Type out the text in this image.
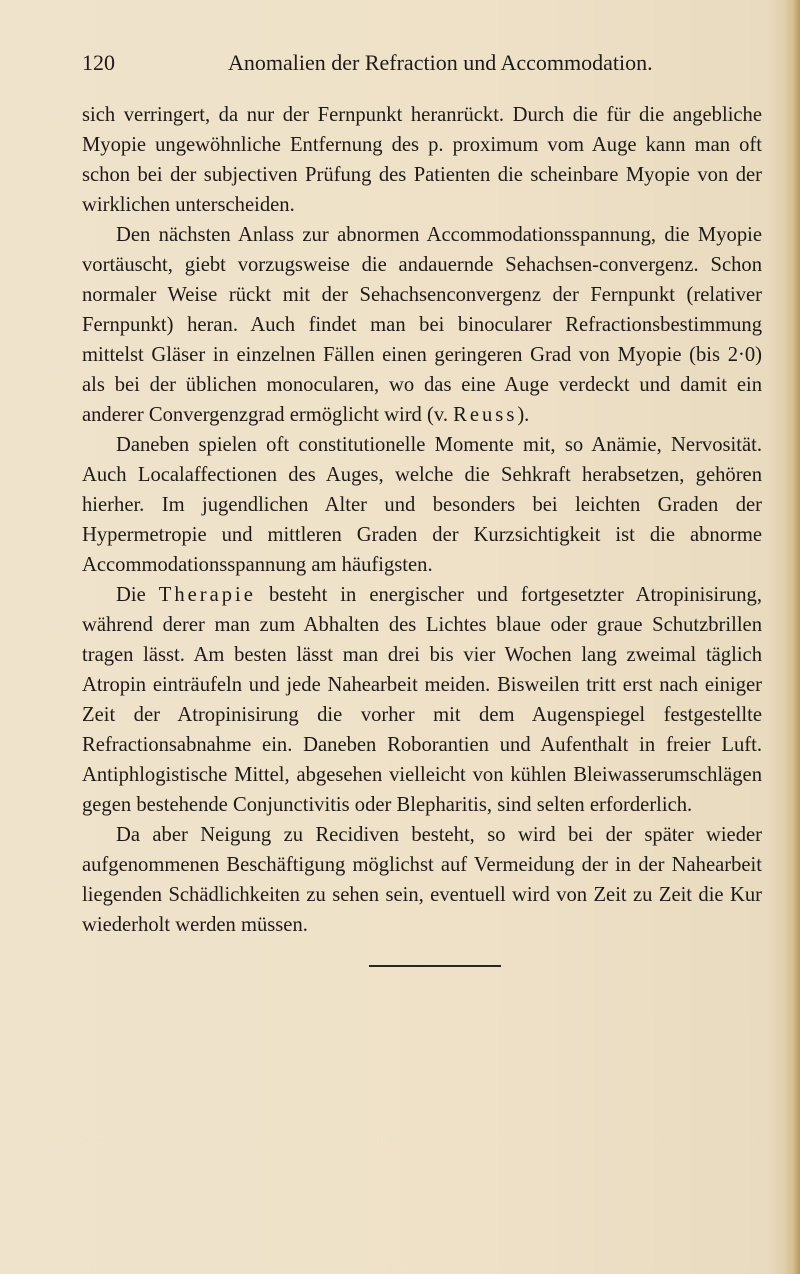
120	Anomalien der Refraction und Accommodation.

sich verringert, da nur der Fernpunkt heranrückt. Durch die für die angebliche Myopie ungewöhnliche Entfernung des p. proximum vom Auge kann man oft schon bei der subjectiven Prüfung des Patienten die scheinbare Myopie von der wirklichen unterscheiden.

Den nächsten Anlass zur abnormen Accommodationsspannung, die Myopie vortäuscht, giebt vorzugsweise die andauernde Sehachsen-convergenz. Schon normaler Weise rückt mit der Sehachsenconvergenz der Fernpunkt (relativer Fernpunkt) heran. Auch findet man bei binocularer Refractionsbestimmung mittelst Gläser in einzelnen Fällen einen geringeren Grad von Myopie (bis 2·0) als bei der üblichen monocularen, wo das eine Auge verdeckt und damit ein anderer Convergenzgrad ermöglicht wird (v. Reuss).

Daneben spielen oft constitutionelle Momente mit, so Anämie, Nervosität. Auch Localaffectionen des Auges, welche die Sehkraft herabsetzen, gehören hierher. Im jugendlichen Alter und besonders bei leichten Graden der Hypermetropie und mittleren Graden der Kurzsichtigkeit ist die abnorme Accommodationsspannung am häufigsten.

Die Therapie besteht in energischer und fortgesetzter Atropinisirung, während derer man zum Abhalten des Lichtes blaue oder graue Schutzbrillen tragen lässt. Am besten lässt man drei bis vier Wochen lang zweimal täglich Atropin einträufeln und jede Nahearbeit meiden. Bisweilen tritt erst nach einiger Zeit der Atropinisirung die vorher mit dem Augenspiegel festgestellte Refractionsabnahme ein. Daneben Roborantien und Aufenthalt in freier Luft. Antiphlogistische Mittel, abgesehen vielleicht von kühlen Bleiwasserumschlägen gegen bestehende Conjunctivitis oder Blepharitis, sind selten erforderlich.

Da aber Neigung zu Recidiven besteht, so wird bei der später wieder aufgenommenen Beschäftigung möglichst auf Vermeidung der in der Nahearbeit liegenden Schädlichkeiten zu sehen sein, eventuell wird von Zeit zu Zeit die Kur wiederholt werden müssen.
